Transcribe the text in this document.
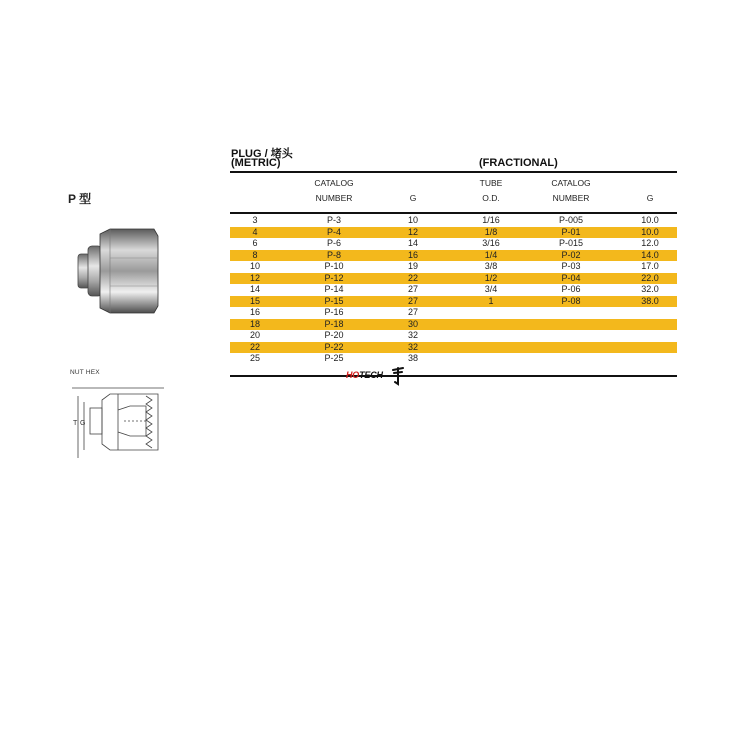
P 型
NUT HEX
T G
PLUG / 堵头
(METRIC)	(FRACTIONAL)
CATALOG
NUMBER	G
TUBE
O.D.
CATALOG
NUMBER	G
3	P-3	10	1/16	P-005	10.0
4	P-4	12	1/8	P-01	10.0
6	P-6	14	3/16	P-015	12.0
8	P-8	16	1/4	P-02	14.0
10	P-10	19	3/8	P-03	17.0
12	P-12	22	1/2	P-04	22.0
14	P-14	27	3/4	P-06	32.0
15	P-15	27	1	P-08	38.0
16	P-16	27
18	P-18	30
20	P-20	32
22	P-22	32
25	P-25	38
HOTECH
